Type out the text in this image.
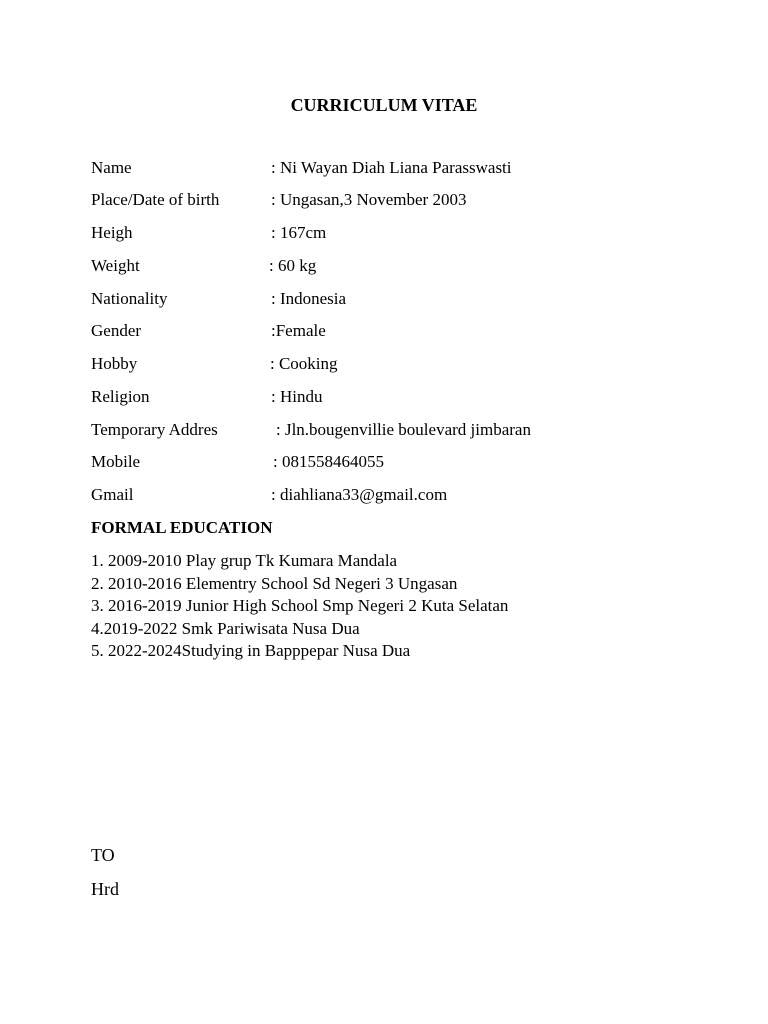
CURRICULUM VITAE
Name	: Ni Wayan Diah Liana Parasswasti
Place/Date of birth	: Ungasan,3 November 2003
Heigh	: 167cm
Weight	: 60 kg
Nationality	: Indonesia
Gender	:Female
Hobby	: Cooking
Religion	: Hindu
Temporary Addres	: Jln.bougenvillie boulevard jimbaran
Mobile	: 081558464055
Gmail	: diahliana33@gmail.com
FORMAL EDUCATION
1. 2009-2010 Play grup Tk Kumara Mandala
2. 2010-2016 Elementry School Sd Negeri 3 Ungasan
3. 2016-2019 Junior High School Smp Negeri 2 Kuta Selatan
4.2019-2022 Smk Pariwisata Nusa Dua
5. 2022-2024Studying in Bapppepar Nusa Dua
TO
Hrd
